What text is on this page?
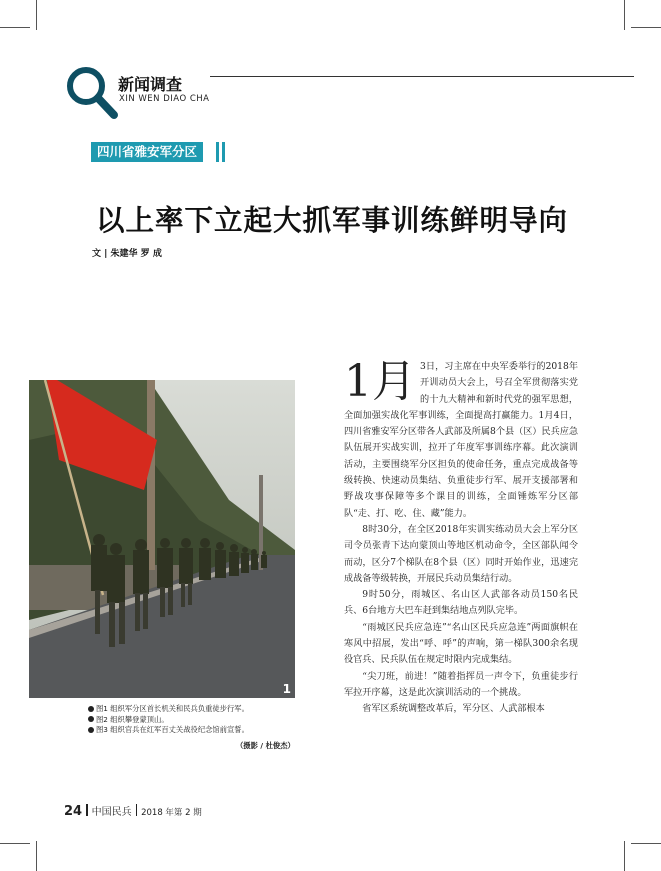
新闻调查
XIN WEN DIAO CHA
四川省雅安军分区
以上率下立起大抓军事训练鲜明导向
文 | 朱建华 罗 成
1
图1 组织军分区首长机关和民兵负重徒步行军。
图2 组织攀登蒙顶山。
图3 组织官兵在红军百丈关战役纪念馆前宣誓。
（摄影 / 杜俊杰）

1月 3日，习主席在中央军委举行的2018年开训动员大会上，号召全军贯彻落实党的十九大精神和新时代党的强军思想，全面加强实战化军事训练，全面提高打赢能力。1月4日，四川省雅安军分区带各人武部及所属8个县（区）民兵应急队伍展开实战实训，拉开了年度军事训练序幕。此次演训活动，主要围绕军分区担负的使命任务，重点完成战备等级转换、快速动员集结、负重徒步行军、展开支援部署和野战攻事保障等多个课目的训练，全面锤炼军分区部队“走、打、吃、住、藏”能力。

8时30分，在全区2018年实训实练动员大会上军分区司令员张青下达向蒙顶山等地区机动命令，全区部队闻令而动，区分7个梯队在8个县（区）同时开始作业，迅速完成战备等级转换，开展民兵动员集结行动。

9时50分，雨城区、名山区人武部各动员150名民兵、6台地方大巴车赶到集结地点列队完毕。

“雨城区民兵应急连”“名山区民兵应急连”两面旗帜在寒风中招展，发出“呼、呼”的声响，第一梯队300余名现役官兵、民兵队伍在规定时限内完成集结。

“尖刀班，前进！”随着指挥员一声令下，负重徒步行军拉开序幕，这是此次演训活动的一个挑战。

省军区系统调整改革后，军分区、人武部根本

24 中国民兵 2018 年第 2 期
